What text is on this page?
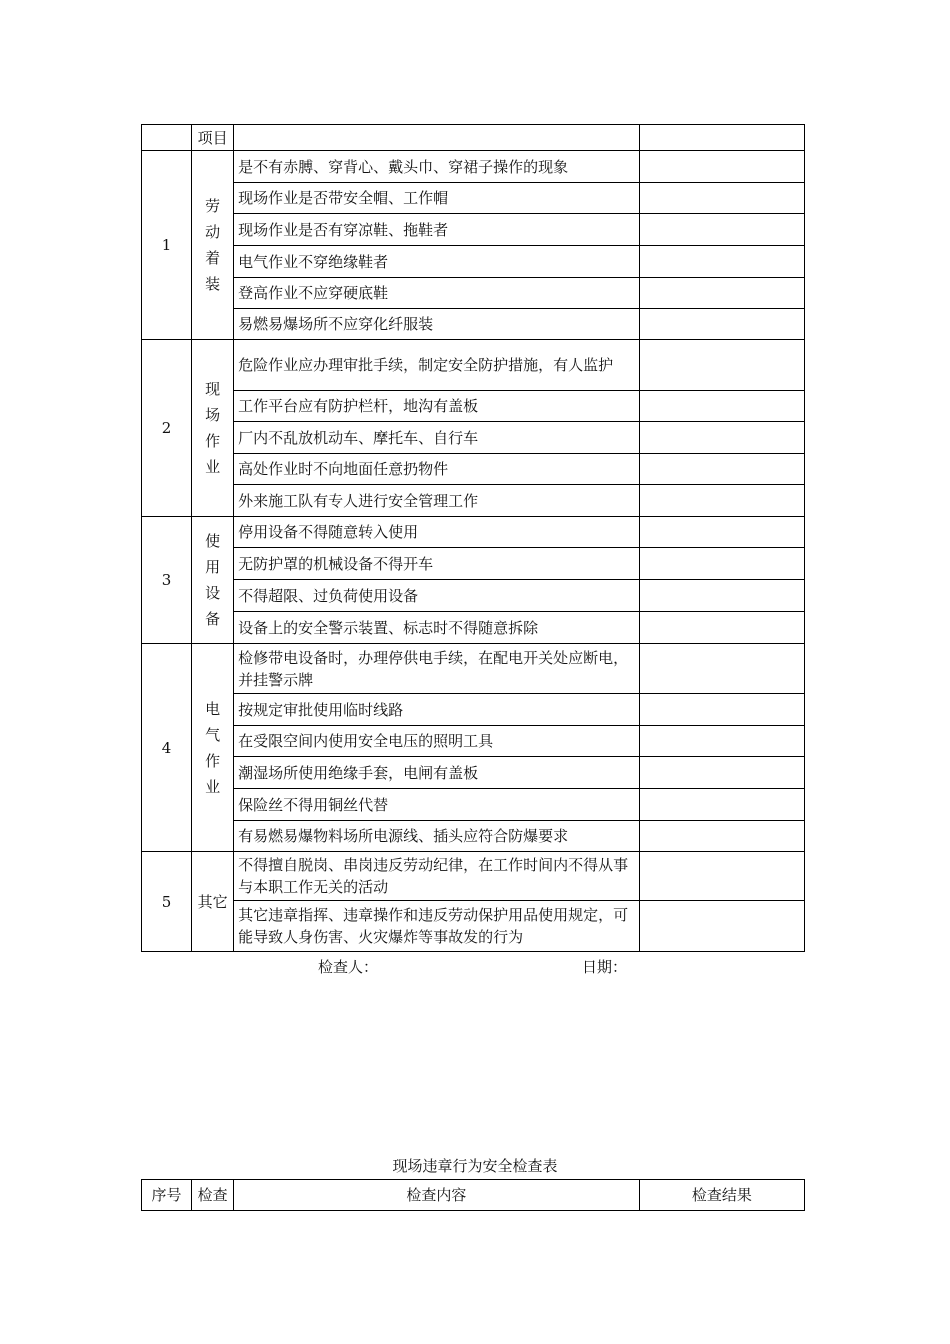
	项目		
1	劳动着装	是不有赤膊、穿背心、戴头巾、穿裙子操作的现象	
		现场作业是否带安全帽、工作帽	
		现场作业是否有穿凉鞋、拖鞋者	
		电气作业不穿绝缘鞋者	
		登高作业不应穿硬底鞋	
		易燃易爆场所不应穿化纤服装	
2	现场作业	危险作业应办理审批手续，制定安全防护措施，有人监护	
		工作平台应有防护栏杆，地沟有盖板	
		厂内不乱放机动车、摩托车、自行车	
		高处作业时不向地面任意扔物件	
		外来施工队有专人进行安全管理工作	
3	使用设备	停用设备不得随意转入使用	
		无防护罩的机械设备不得开车	
		不得超限、过负荷使用设备	
		设备上的安全警示装置、标志时不得随意拆除	
4	电气作业	检修带电设备时，办理停供电手续，在配电开关处应断电，并挂警示牌	
		按规定审批使用临时线路	
		在受限空间内使用安全电压的照明工具	
		潮湿场所使用绝缘手套，电闸有盖板	
		保险丝不得用铜丝代替	
		有易燃易爆物料场所电源线、插头应符合防爆要求	
5	其它	不得擅自脱岗、串岗违反劳动纪律，在工作时间内不得从事与本职工作无关的活动	
		其它违章指挥、违章操作和违反劳动保护用品使用规定，可能导致人身伤害、火灾爆炸等事故发的行为	
检查人：	日期：
现场违章行为安全检查表
序号	检查	检查内容	检查结果
